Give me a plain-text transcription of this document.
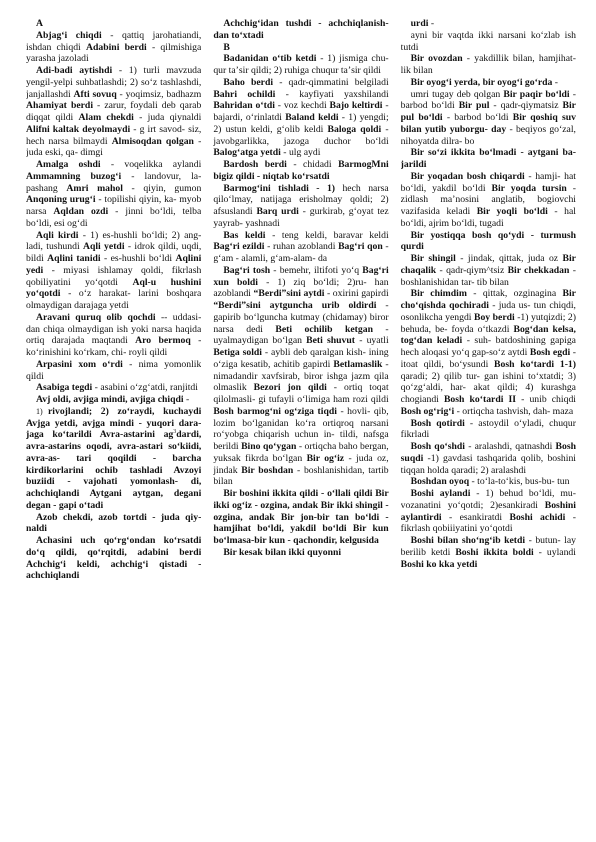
A

Abjagʻi chiqdi - qattiq jarohatiandi, ishdan chiqdi Adabini berdi - qilmishiga yarasha jazoladi

Adi-badi aytishdi - 1) turli mavzuda yengil-yelpi suhbatlashdi; 2) soʻz tashlashdi, janjallashdi Afti sovuq - yoqimsiz, badhazm Ahamiyat berdi - zarur, foydali deb qarab diqqat qildi Alam chekdi - juda qiynaldi Alifni kaltak deyolmaydi - g irt savod- siz, hech narsa bilmaydi Almisoqdan qolgan - juda eski, qa- dimgi

Amalga oshdi - voqelikka aylandi Ammamning buzogʻi - landovur, la- pashang Amri mahol - qiyin, gumon Anqoning urugʻi - topilishi qiyin, ka- myob narsa Aqldan ozdi - jinni boʻldi, telba boʻldi, esi ogʻdi

Aqli kirdi - 1) es-hushli boʻldi; 2) ang- ladi, tushundi Aqli yetdi - idrok qildi, uqdi, bildi Aqlini tanidi - es-hushli boʻldi Aqlini yedi - miyasi ishlamay qoldi, fikrlash qobiliyatini yoʻqotdi Aql-u hushini yoʻqotdi - oʻz harakat- larini boshqara olmaydigan darajaga yetdi

Aravani quruq olib qochdi -- uddasi- dan chiqa olmaydigan ish yoki narsa haqida ortiq darajada maqtandi Aro bermoq - koʻrinishini koʻrkam, chi- royli qildi

Arpasini xom oʻrdi - nima yomonlik qildi

Asabiga tegdi - asabini oʻzgʻatdi, ranjitdi

Avj oldi, avjiga mindi, avjiga chiqdi -

1) rivojlandi; 2) zoʻraydi, kuchaydi Avjga yetdi, avjga mindi - yuqori dara- jaga koʻtarildi Avra-astarini $ag^3dardi$, avra-astarins oqodi, avra-astari soʻkiidi, avra-as- tari qoqildi - barcha kirdikorlarini ochib tashladi Avzoyi buziidi - vajohati yomonlash- di, achchiqlandi Aytgani aytgan, degani degan - gapi oʻtadi

Azob chekdi, azob tortdi - juda qiy- naldi

Achasini uch qoʻrgʻondan koʻrsatdi doʻq qildi, qoʻrqitdi, adabini berdi Achchigʻi keldi, achchigʻi qistadi - achchiqlandi

Achchigʻidan tushdi - achchiqlanish- dan toʻxtadi

B

Badanidan oʻtib ketdi - 1) jismiga chu- qur taʼsir qildi; 2) ruhiga chuqur taʼsir qildi

Baho berdi - qadr-qimmatini belgiladi Bahri ochildi - kayfiyati yaxshilandi Bahridan oʻtdi - voz kechdi Bajo keltirdi - bajardi, oʻrinlatdi Baland keldi - 1) yengdi; 2) ustun keldi, gʻolib keldi Baloga qoldi - javobgarlikka, jazoga duchor boʻldi Balogʻatga yetdi - ulg aydi

Bardosh berdi - chidadi BarmogMni bigiz qildi - niqtab koʻrsatdi

Barmogʻini tishladi - 1) hech narsa qiloʻlmay, natijaga erisholmay qoldi; 2) afsuslandi Barq urdi - gurkirab, gʻoyat tez yayrab- yashnadi

Bas keldi - teng keldi, baravar keldi Bagʻri ezildi - ruhan azoblandi Bagʻri qon - gʻam - alamli, gʻam-alam- da

Bagʻri tosh - bemehr, iltifoti yoʻq Bagʻri xun boldi - 1) ziq boʻldi; 2)ru- han azoblandi “Berdi”sini aytdi - oxirini gapirdi “Berdi”sini aytguncha urib oldirdi - gapirib boʻlguncha kutmay (chidamay) biror narsa dedi Beti ochilib ketgan - uyalmaydigan boʻlgan Beti shuvut - uyatli Betiga soldi - aybli deb qaralgan kish- ining oʻziga kesatib, achitib gapirdi Betlamaslik - nimadandir xavfsirab, biror ishga jazm qila olmaslik Bezori jon qildi - ortiq toqat qilolmasli- gi tufayli oʻlimiga ham rozi qildi Bosh barmogʻni ogʻziga tiqdi - hovli- qib, lozim boʻlganidan koʻra ortiqroq narsani roʻyobga chiqarish uchun in- tildi, nafsga berildi Bino qoʻygan - ortiqcha baho bergan, yuksak fikrda boʻlgan Bir ogʻiz - juda oz, jindak Bir boshdan - boshlanishidan, tartib bilan

Bir boshini ikkita qildi - oʻllali qildi Bir ikki ogʻiz - ozgina, andak Bir ikki shingil - ozgina, andak Bir jon-bir tan boʻldi - hamjihat boʻldi, yakdil boʻldi Bir kun boʻlmasa-bir kun - qachondir, kelgusida

Bir kesak bilan ikki quyonni

urdi -

ayni bir vaqtda ikki narsani koʻzlab ish tutdi

Bir ovozdan - yakdillik bilan, hamjihat- lik bilan

Bir oyogʻi yerda, bir oyogʻi goʻrda -

umri tugay deb qolgan Bir paqir boʻldi - barbod boʻldi Bir pul - qadr-qiymatsiz Bir pul boʻldi - barbod boʻldi Bir qoshiq suv bilan yutib yuborgu- day - beqiyos goʻzal, nihoyatda dilra- bo

Bir soʻzi ikkita boʻlmadi - aytgani ba- jarildi

Bir yoqadan bosh chiqardi - hamji- hat boʻldi, yakdil boʻldi Bir yoqda tursin - zidlash maʼnosini anglatib, bogiovchi vazifasida keladi Bir yoqli boʻldi - hal boʻldi, ajrim boʻldi, tugadi

Bir yostiqqa bosh qoʻydi - turmush qurdi

Bir shingil - jindak, qittak, juda oz Bir chaqalik - qadr-qiym^tsiz Bir chekkadan - boshlanishidan tar- tib bilan

Bir chimdim - qittak, ozginagina Bir choʻqishda qochiradi - juda us- tun chiqdi, osonlikcha yengdi Boy berdi -1) yutqizdi; 2) behuda, be- foyda oʻtkazdi Bogʻdan kelsa, togʻdan keladi - suh- batdoshining gapiga hech aloqasi yoʻq gap-soʻz aytdi Bosh egdi - itoat qildi, boʻysundi Bosh koʻtardi 1-1) qaradi; 2) qilib tur- gan ishini toʻxtatdi; 3) qoʻzgʻaldi, har- akat qildi; 4) kurashga chogiandi Bosh koʻtardi II - unib chiqdi Bosh ogʻrigʻi - ortiqcha tashvish, dah- maza

Bosh qotirdi - astoydil oʻyladi, chuqur fikrladi

Bosh qoʻshdi - aralashdi, qatnashdi Bosh suqdi -1) gavdasi tashqarida qolib, boshini tiqqan holda qaradi; 2) aralashdi

Boshdan oyoq - toʻla-toʻkis, bus-bu- tun

Boshi aylandi - 1) behud boʻldi, mu- vozanatini yoʻqotdi; 2)esankiradi Boshini aylantirdi - esankiratdi Boshi achidi - fikrlash qobiiiyatini yoʻqotdi

Boshi bilan shoʻngʻib ketdi - butun- lay berilib ketdi Boshi ikkita boldi - uylandi Boshi ko kka yetdi
